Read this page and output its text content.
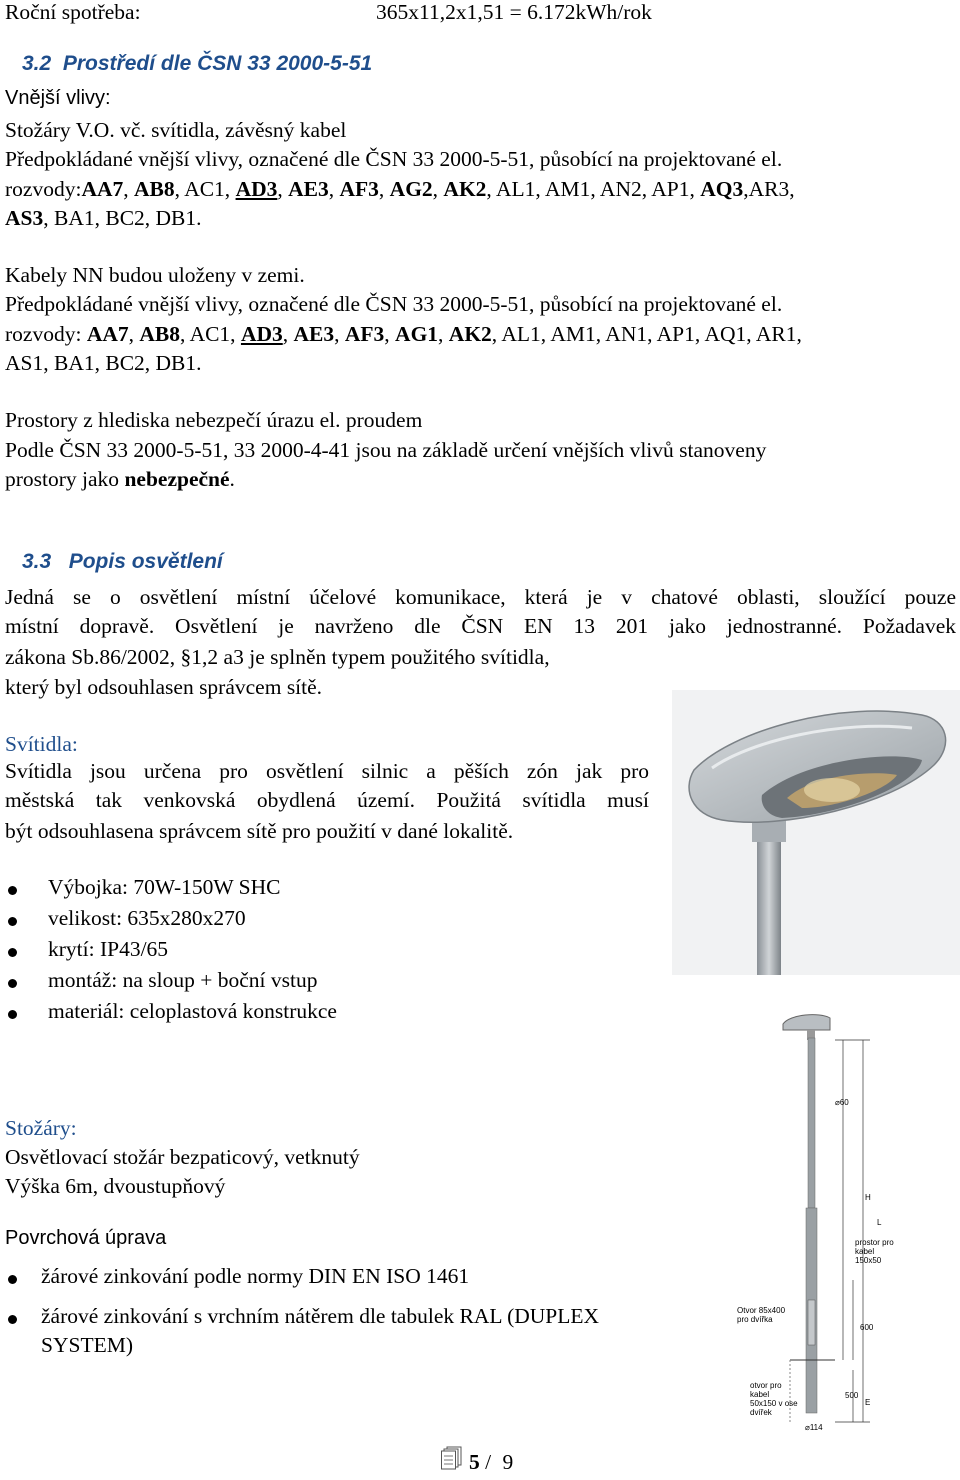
Roční spotřeba:	365x11,2x1,51 = 6.172kWh/rok
3.2 Prostředí dle ČSN 33 2000-5-51
Vnější vlivy:
Stožáry V.O. vč. svítidla, závěsný kabel
Předpokládané vnější vlivy, označené dle ČSN 33 2000-5-51, působící na projektované el.
rozvody:AA7, AB8, AC1, AD3, AE3, AF3, AG2, AK2, AL1, AM1, AN2, AP1, AQ3,AR3,
AS3, BA1, BC2, DB1.
Kabely NN budou uloženy v zemi.
Předpokládané vnější vlivy, označené dle ČSN 33 2000-5-51, působící na projektované el.
rozvody: AA7, AB8, AC1, AD3, AE3, AF3, AG1, AK2, AL1, AM1, AN1, AP1, AQ1, AR1,
AS1, BA1, BC2, DB1.
Prostory z hlediska nebezpečí úrazu el. proudem
Podle ČSN 33 2000-5-51, 33 2000-4-41 jsou na základě určení vnějších vlivů stanoveny
prostory jako nebezpečné.
3.3 Popis osvětlení
Jedná se o osvětlení místní účelové komunikace, která je v chatové oblasti, sloužící pouze
místní dopravě. Osvětlení je navrženo dle ČSN EN 13 201 jako jednostranné. Požadavek
zákona Sb.86/2002, §1,2 a3 je splněn typem použitého svítidla,
který byl odsouhlasen správcem sítě.
Svítidla:
Svítidla jsou určena pro osvětlení silnic a pěších zón jak pro
městská tak venkovská obydlená území. Použitá svítidla musí
být odsouhlasena správcem sítě pro použití v dané lokalitě.
Výbojka: 70W-150W SHC
velikost: 635x280x270
krytí: IP43/65
montáž: na sloup + boční vstup
materiál: celoplastová konstrukce
Stožáry:
Osvětlovací stožár bezpaticový, vetknutý
Výška 6m, dvoustupňový
Povrchová úprava
žárové zinkování podle normy DIN EN ISO 1461
žárové zinkování s vrchním nátěrem dle tabulek RAL (DUPLEX
SYSTEM)
⌀60
H
L
prostor pro
kabel
150x50
Otvor 85x400
pro dvířka
600
500
E
otvor pro
kabel
50x150 v ose
dvířek
⌀114
5 / 9
